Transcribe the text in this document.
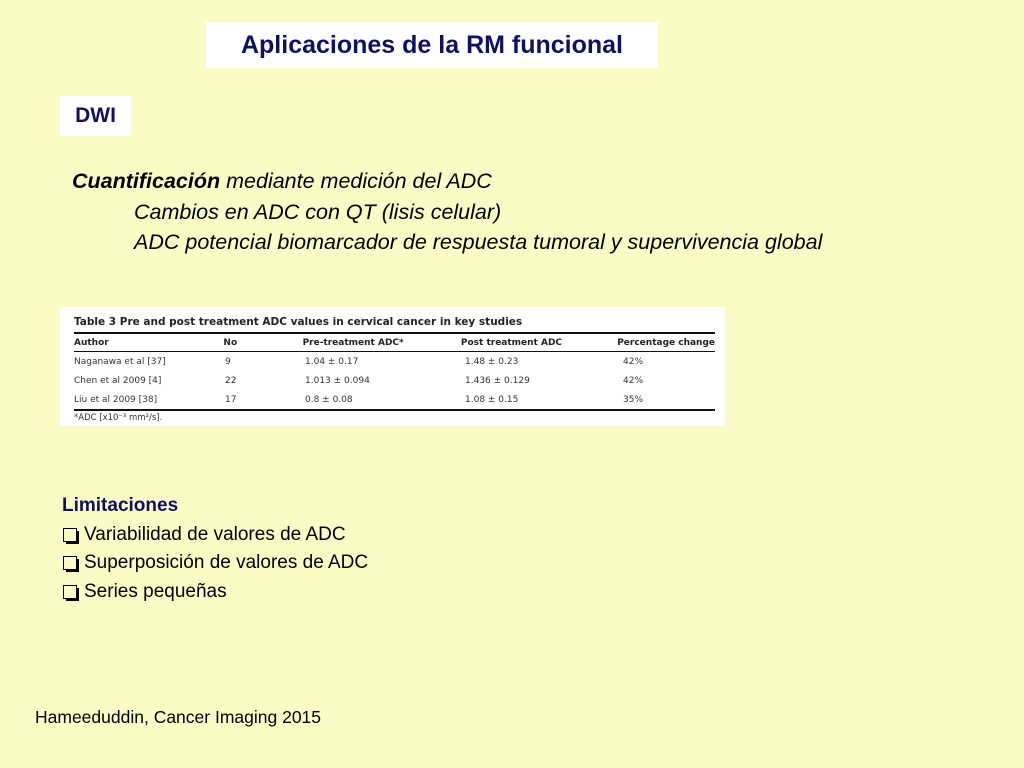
Aplicaciones de la RM funcional
DWI
Cuantificación mediante medición del ADC
Cambios en ADC con QT (lisis celular)
ADC potencial biomarcador de respuesta tumoral y supervivencia global
Table 3 Pre and post treatment ADC values in cervical cancer in key studies
Author	No	Pre-treatment ADC*	Post treatment ADC	Percentage change
Naganawa et al [37]	9	1.04 ± 0.17	1.48 ± 0.23	42%
Chen et al 2009 [4]	22	1.013 ± 0.094	1.436 ± 0.129	42%
Liu et al 2009 [38]	17	0.8 ± 0.08	1.08 ± 0.15	35%
*ADC [x10⁻³ mm²/s].
Limitaciones
Variabilidad de valores de ADC
Superposición de valores de ADC
Series pequeñas
Hameeduddin, Cancer Imaging 2015
